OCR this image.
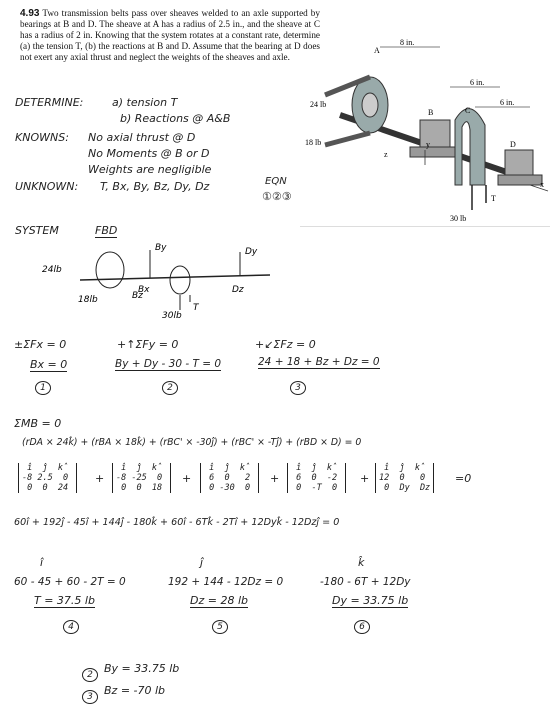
4.93 Two transmission belts pass over sheaves welded to an axle supported by bearings at B and D. The sheave at A has a radius of 2.5 in., and the sheave at C has a radius of 2 in. Knowing that the system rotates at a constant rate, determine (a) the tension T, (b) the reactions at B and D. Assume that the bearing at D does not exert any axial thrust and neglect the weights of the sheaves and axle.
A
B	C
D
8 in.
6 in.
6 in.
24 lb
18 lb
30 lb
T
x
y
z
DETERMINE:	a) tension T
b) Reactions @ A&B
KNOWNS: No axial thrust @ D
No Moments @ B or D
Weights are negligible
UNKNOWN: T, Bx, By, Bz, Dy, Dz	EQN
①②③
SYSTEM	FBD
By	Dy
24lb
Bx
18lb	Bz
Dz
30lb
T
±ΣFx = 0
Bx = 0
1
+↑ΣFy = 0
By + Dy - 30 - T = 0
2
+↙ΣFz = 0
24 + 18 + Bz + Dz = 0
3
ΣMB = 0
(rDA × 24k̂) + (rBA × 18k̂) + (rBC' × -30ĵ) + (rBC' × -Tĵ) + (rBD × D) = 0
î  ĵ  k̂
-8 2.5  0
0  0  24
+
î  ĵ  k̂
-8 -25  0
0  0  18
+
î  ĵ  k̂
6  0   2
0 -30  0
+
î  ĵ  k̂
6  0  -2
0  -T  0
+
î  ĵ  k̂
12  0   0
0  Dy  Dz
=0
60î + 192ĵ - 45î + 144ĵ - 180k̂ + 60î - 6Tk̂ - 2Tî + 12Dyk̂ - 12Dzĵ = 0
î
60 - 45 + 60 - 2T = 0
T = 37.5 lb
4
ĵ
192 + 144 - 12Dz = 0
Dz = 28 lb
5
k̂
-180 - 6T + 12Dy
Dy = 33.75 lb
6
2	By = 33.75 lb
3	Bz = -70 lb
